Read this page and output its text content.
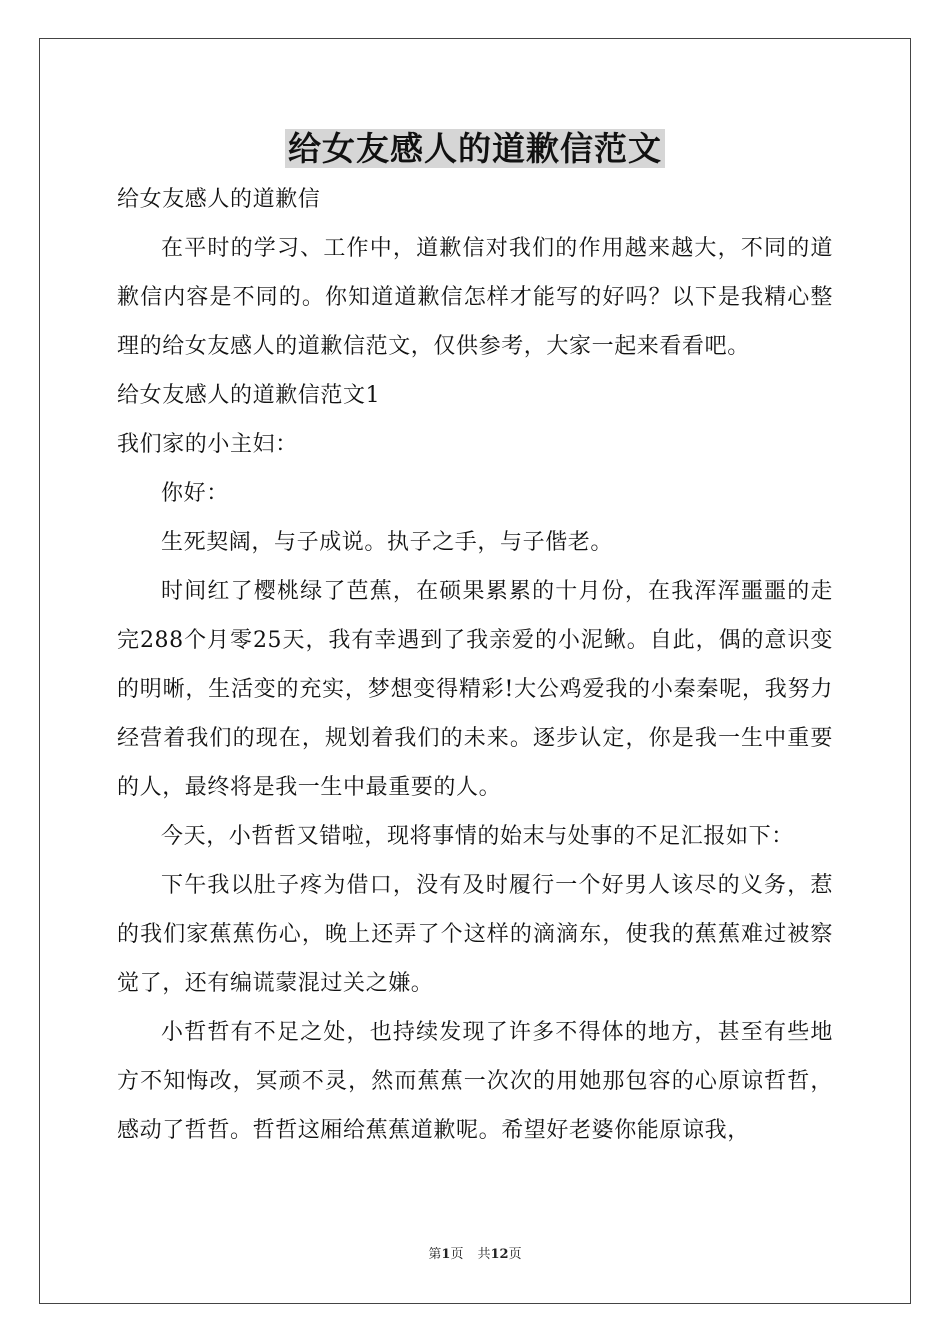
给女友感人的道歉信范文

给女友感人的道歉信

在平时的学习、工作中，道歉信对我们的作用越来越大，不同的道歉信内容是不同的。你知道道歉信怎样才能写的好吗？以下是我精心整理的给女友感人的道歉信范文，仅供参考，大家一起来看看吧。

给女友感人的道歉信范文1

我们家的小主妇：

你好：

生死契阔，与子成说。执子之手，与子偕老。

时间红了樱桃绿了芭蕉，在硕果累累的十月份，在我浑浑噩噩的走完288个月零25天，我有幸遇到了我亲爱的小泥鳅。自此，偶的意识变的明晰，生活变的充实，梦想变得精彩!大公鸡爱我的小秦秦呢，我努力经营着我们的现在，规划着我们的未来。逐步认定，你是我一生中重要的人，最终将是我一生中最重要的人。

今天，小哲哲又错啦，现将事情的始末与处事的不足汇报如下：

下午我以肚子疼为借口，没有及时履行一个好男人该尽的义务，惹的我们家蕉蕉伤心，晚上还弄了个这样的滴滴东，使我的蕉蕉难过被察觉了，还有编谎蒙混过关之嫌。

小哲哲有不足之处，也持续发现了许多不得体的地方，甚至有些地方不知悔改，冥顽不灵，然而蕉蕉一次次的用她那包容的心原谅哲哲，感动了哲哲。哲哲这厢给蕉蕉道歉呢。希望好老婆你能原谅我，

第1页 共12页
